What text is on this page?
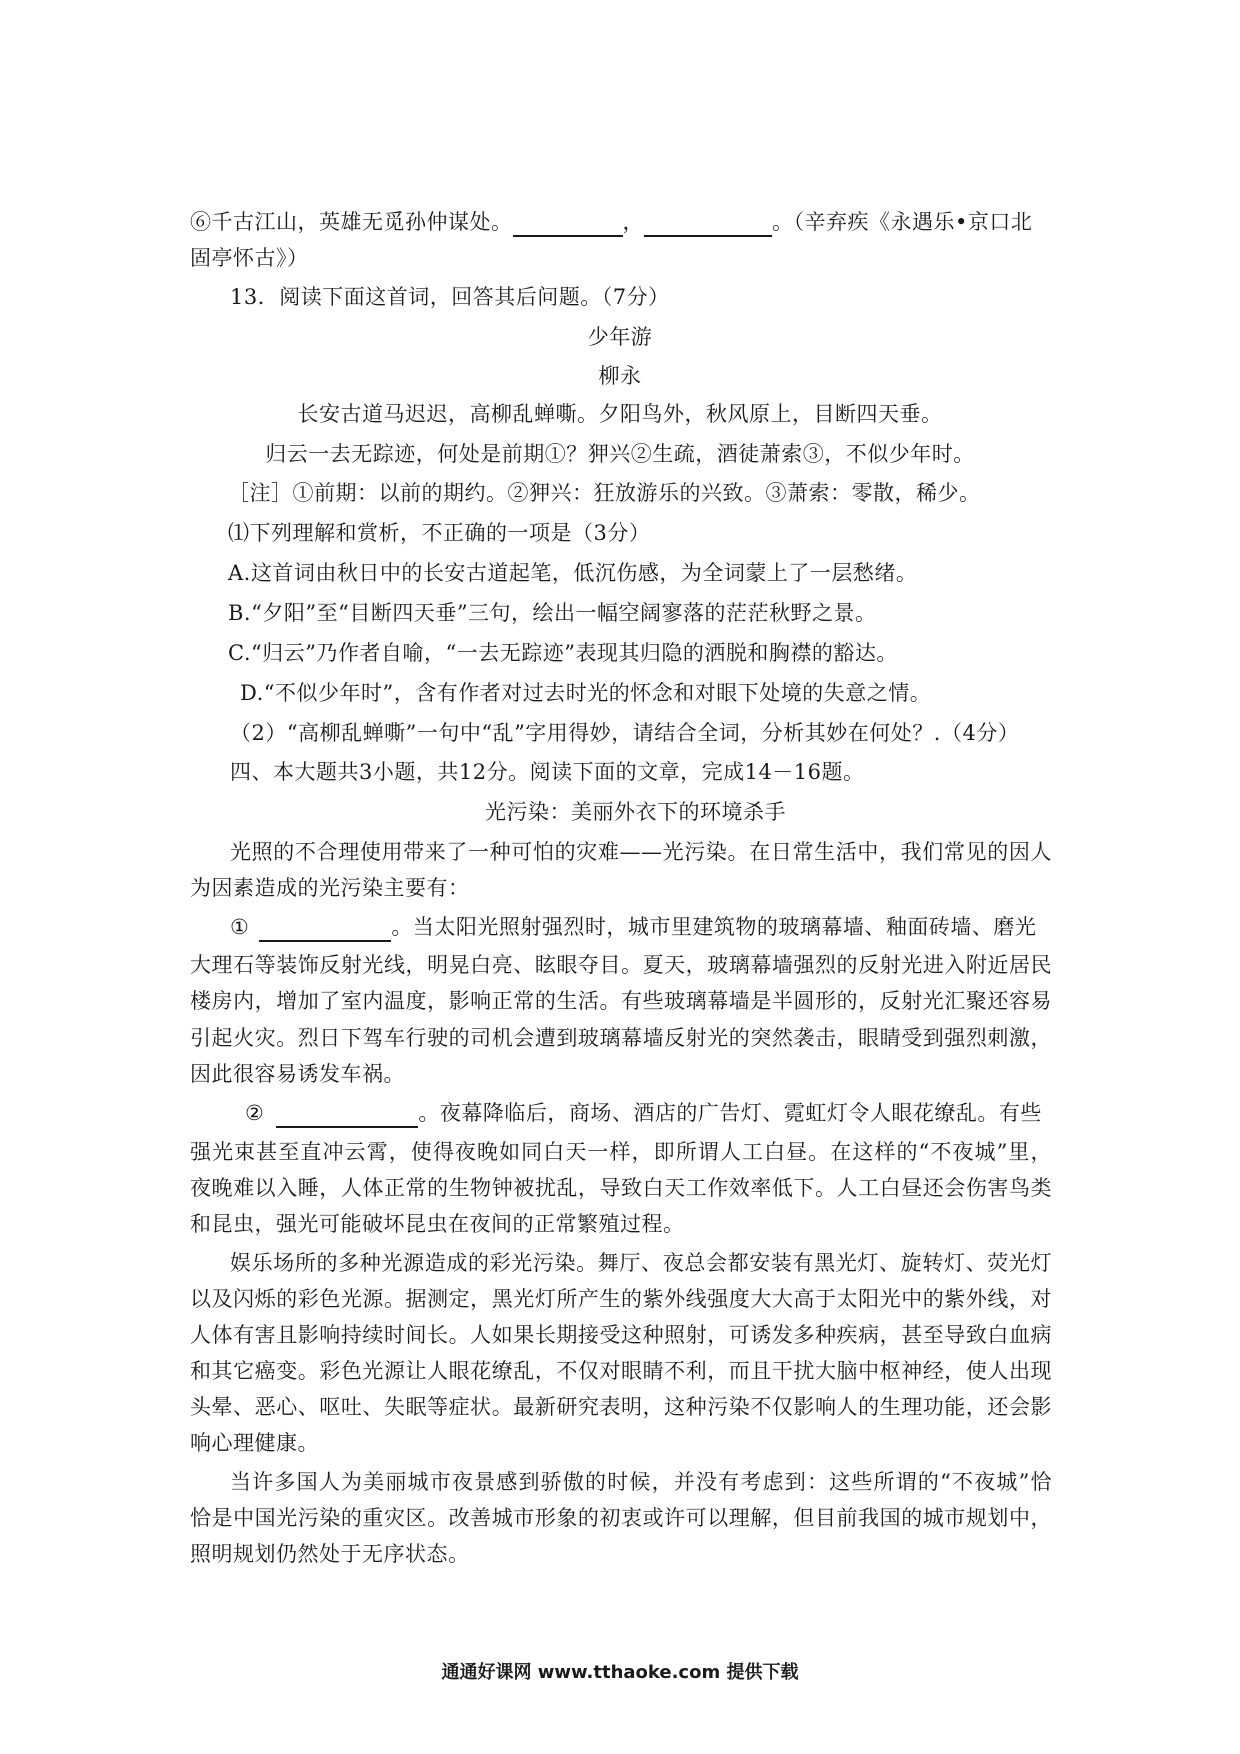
⑥千古江山，英雄无觅孙仲谋处。	，	。（辛弃疾《永遇乐•京口北
固亭怀古》）
13．阅读下面这首词，回答其后问题。（7分）
少年游
柳永
长安古道马迟迟，高柳乱蝉嘶。夕阳鸟外，秋风原上，目断四天垂。
归云一去无踪迹，何处是前期①？狎兴②生疏，酒徒萧索③，不似少年时。
［注］①前期：以前的期约。②狎兴：狂放游乐的兴致。③萧索：零散，稀少。
⑴下列理解和赏析，不正确的一项是（3分）
A.这首词由秋日中的长安古道起笔，低沉伤感，为全词蒙上了一层愁绪。
B.“夕阳”至“目断四天垂”三句，绘出一幅空阔寥落的茫茫秋野之景。
C.“归云”乃作者自喻，“一去无踪迹”表现其归隐的洒脱和胸襟的豁达。
D.“不似少年时”，含有作者对过去时光的怀念和对眼下处境的失意之情。
（2）“高柳乱蝉嘶”一句中“乱”字用得妙，请结合全词，分析其妙在何处？.（4分）
四、本大题共3小题，共12分。阅读下面的文章，完成14－16题。
光污染：美丽外衣下的环境杀手
光照的不合理使用带来了一种可怕的灾难——光污染。在日常生活中，我们常见的因人
为因素造成的光污染主要有：
①	。当太阳光照射强烈时，城市里建筑物的玻璃幕墙、釉面砖墙、磨光
大理石等装饰反射光线，明晃白亮、眩眼夺目。夏天，玻璃幕墙强烈的反射光进入附近居民
楼房内，增加了室内温度，影响正常的生活。有些玻璃幕墙是半圆形的，反射光汇聚还容易
引起火灾。烈日下驾车行驶的司机会遭到玻璃幕墙反射光的突然袭击，眼睛受到强烈刺激，
因此很容易诱发车祸。
②	。夜幕降临后，商场、酒店的广告灯、霓虹灯令人眼花缭乱。有些
强光束甚至直冲云霄，使得夜晚如同白天一样，即所谓人工白昼。在这样的“不夜城”里，
夜晚难以入睡，人体正常的生物钟被扰乱，导致白天工作效率低下。人工白昼还会伤害鸟类
和昆虫，强光可能破坏昆虫在夜间的正常繁殖过程。
娱乐场所的多种光源造成的彩光污染。舞厅、夜总会都安装有黑光灯、旋转灯、荧光灯
以及闪烁的彩色光源。据测定，黑光灯所产生的紫外线强度大大高于太阳光中的紫外线，对
人体有害且影响持续时间长。人如果长期接受这种照射，可诱发多种疾病，甚至导致白血病
和其它癌变。彩色光源让人眼花缭乱，不仅对眼睛不利，而且干扰大脑中枢神经，使人出现
头晕、恶心、呕吐、失眠等症状。最新研究表明，这种污染不仅影响人的生理功能，还会影
响心理健康。
当许多国人为美丽城市夜景感到骄傲的时候，并没有考虑到：这些所谓的“不夜城”恰
恰是中国光污染的重灾区。改善城市形象的初衷或许可以理解，但目前我国的城市规划中，
照明规划仍然处于无序状态。
通通好课网 www.tthaoke.com 提供下载
